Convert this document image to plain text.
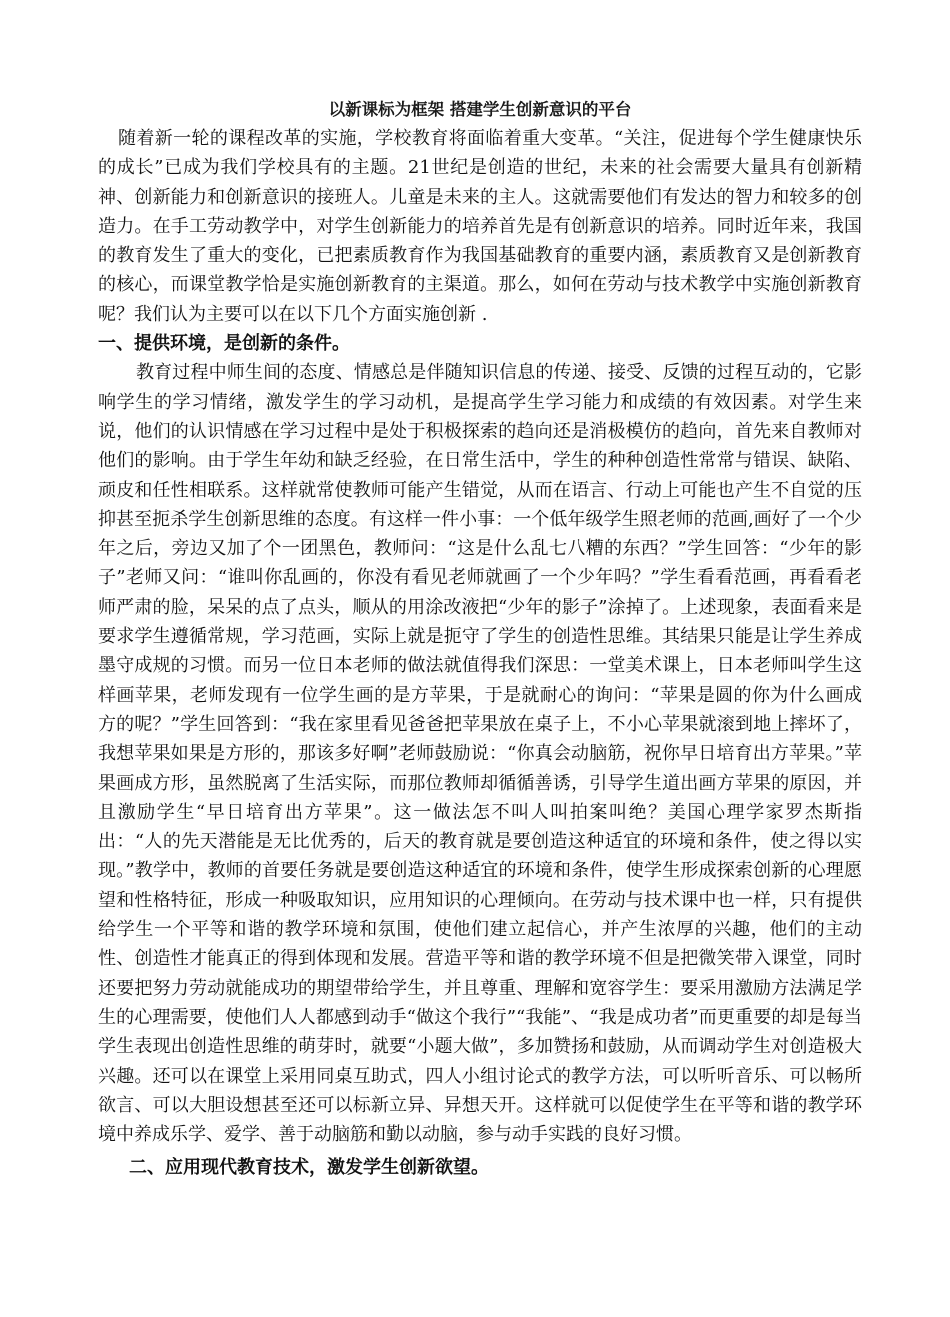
以新课标为框架 搭建学生创新意识的平台

随着新一轮的课程改革的实施，学校教育将面临着重大变革。“关注，促进每个学生健康快乐的成长”已成为我们学校具有的主题。21世纪是创造的世纪，未来的社会需要大量具有创新精神、创新能力和创新意识的接班人。儿童是未来的主人。这就需要他们有发达的智力和较多的创造力。在手工劳动教学中，对学生创新能力的培养首先是有创新意识的培养。同时近年来，我国的教育发生了重大的变化，已把素质教育作为我国基础教育的重要内涵，素质教育又是创新教育的核心，而课堂教学恰是实施创新教育的主渠道。那么，如何在劳动与技术教学中实施创新教育呢？我们认为主要可以在以下几个方面实施创新 .

一、提供环境，是创新的条件。

教育过程中师生间的态度、情感总是伴随知识信息的传递、接受、反馈的过程互动的，它影响学生的学习情绪，激发学生的学习动机，是提高学生学习能力和成绩的有效因素。对学生来说，他们的认识情感在学习过程中是处于积极探索的趋向还是消极模仿的趋向，首先来自教师对他们的影响。由于学生年幼和缺乏经验，在日常生活中，学生的种种创造性常常与错误、缺陷、顽皮和任性相联系。这样就常使教师可能产生错觉，从而在语言、行动上可能也产生不自觉的压抑甚至扼杀学生创新思维的态度。有这样一件小事：一个低年级学生照老师的范画,画好了一个少年之后，旁边又加了个一团黑色，教师问：“这是什么乱七八糟的东西？”学生回答：“少年的影子”老师又问：“谁叫你乱画的，你没有看见老师就画了一个少年吗？”学生看看范画，再看看老师严肃的脸，呆呆的点了点头，顺从的用涂改液把“少年的影子”涂掉了。上述现象，表面看来是要求学生遵循常规，学习范画，实际上就是扼守了学生的创造性思维。其结果只能是让学生养成墨守成规的习惯。而另一位日本老师的做法就值得我们深思：一堂美术课上，日本老师叫学生这样画苹果，老师发现有一位学生画的是方苹果，于是就耐心的询问：“苹果是圆的你为什么画成方的呢？”学生回答到：“我在家里看见爸爸把苹果放在桌子上，不小心苹果就滚到地上摔坏了，我想苹果如果是方形的，那该多好啊”老师鼓励说：“你真会动脑筋，祝你早日培育出方苹果。”苹果画成方形，虽然脱离了生活实际，而那位教师却循循善诱，引导学生道出画方苹果的原因，并且激励学生“早日培育出方苹果”。这一做法怎不叫人叫拍案叫绝？美国心理学家罗杰斯指出：“人的先天潜能是无比优秀的，后天的教育就是要创造这种适宜的环境和条件，使之得以实现。”教学中，教师的首要任务就是要创造这种适宜的环境和条件，使学生形成探索创新的心理愿望和性格特征，形成一种吸取知识，应用知识的心理倾向。在劳动与技术课中也一样，只有提供给学生一个平等和谐的教学环境和氛围，使他们建立起信心，并产生浓厚的兴趣，他们的主动性、创造性才能真正的得到体现和发展。营造平等和谐的教学环境不但是把微笑带入课堂，同时还要把努力劳动就能成功的期望带给学生，并且尊重、理解和宽容学生：要采用激励方法满足学生的心理需要，使他们人人都感到动手“做这个我行”“我能”、“我是成功者”而更重要的却是每当学生表现出创造性思维的萌芽时，就要“小题大做”，多加赞扬和鼓励，从而调动学生对创造极大兴趣。还可以在课堂上采用同桌互助式，四人小组讨论式的教学方法，可以听听音乐、可以畅所欲言、可以大胆设想甚至还可以标新立异、异想天开。这样就可以促使学生在平等和谐的教学环境中养成乐学、爱学、善于动脑筋和勤以动脑，参与动手实践的良好习惯。

二、应用现代教育技术，激发学生创新欲望。
